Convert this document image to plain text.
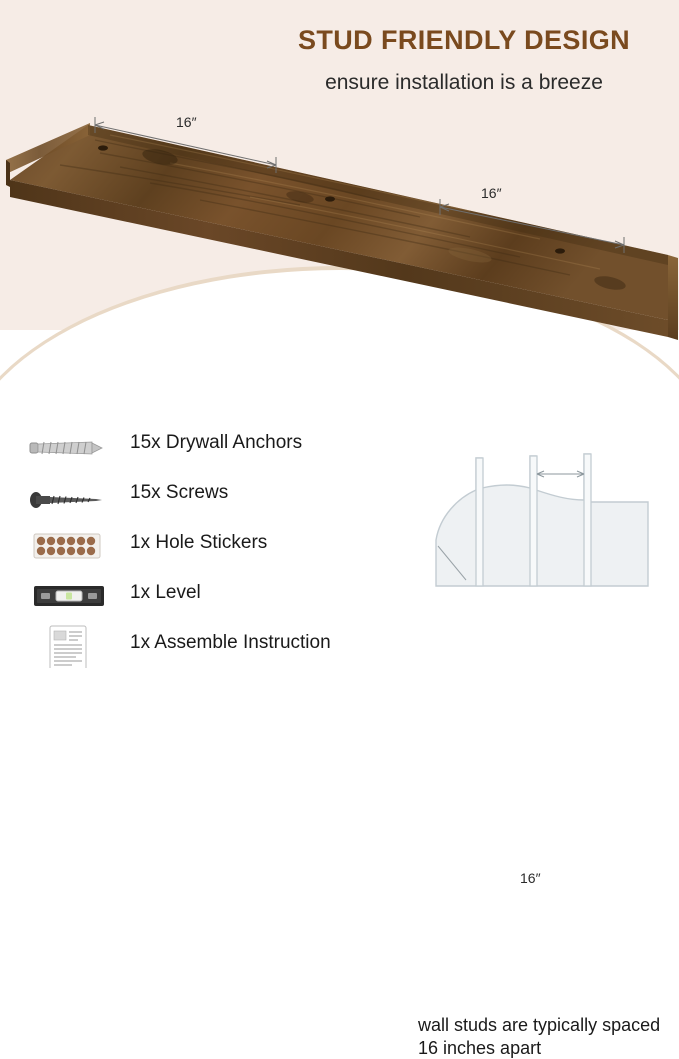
STUD FRIENDLY DESIGN
ensure installation is a breeze
16″
16″
15x Drywall Anchors
15x Screws
1x Hole Stickers
1x Level
1x Assemble Instruction
16″
wall studs are typically spaced 16 inches apart
